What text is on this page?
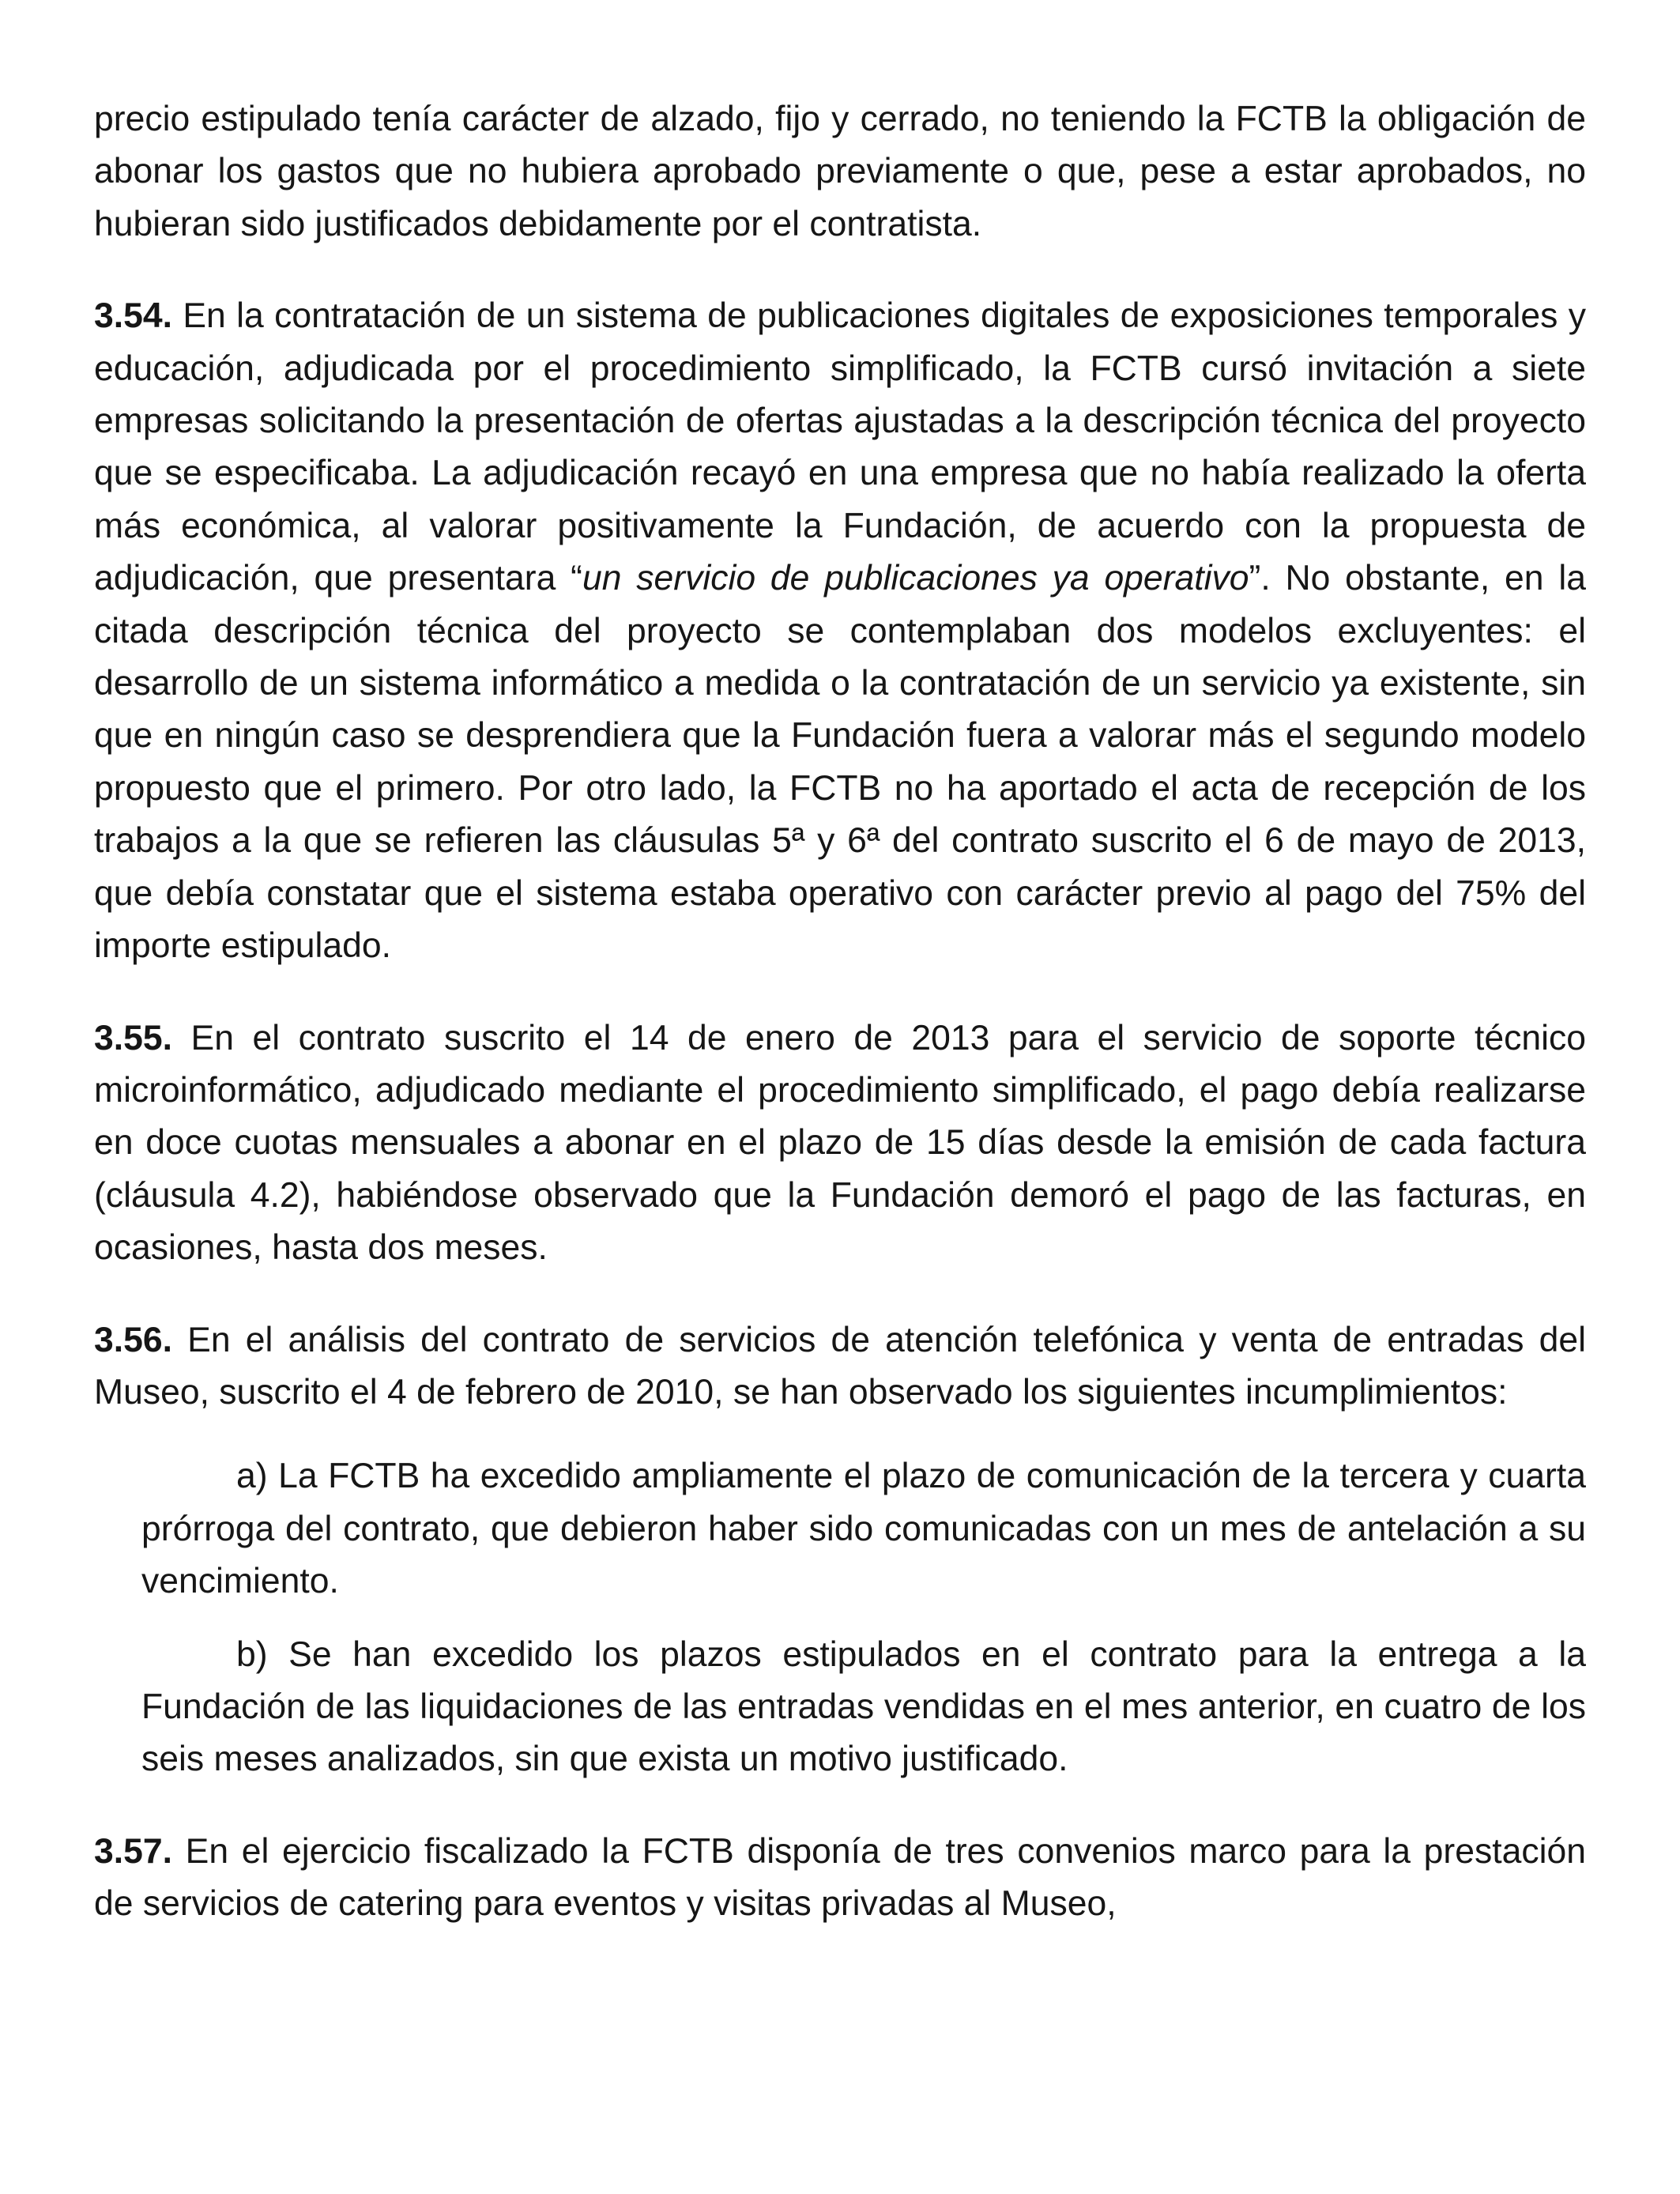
precio estipulado tenía carácter de alzado, fijo y cerrado, no teniendo la FCTB la obligación de abonar los gastos que no hubiera aprobado previamente o que, pese a estar aprobados, no hubieran sido justificados debidamente por el contratista.

3.54. En la contratación de un sistema de publicaciones digitales de exposiciones temporales y educación, adjudicada por el procedimiento simplificado, la FCTB cursó invitación a siete empresas solicitando la presentación de ofertas ajustadas a la descripción técnica del proyecto que se especificaba. La adjudicación recayó en una empresa que no había realizado la oferta más económica, al valorar positivamente la Fundación, de acuerdo con la propuesta de adjudicación, que presentara “un servicio de publicaciones ya operativo”. No obstante, en la citada descripción técnica del proyecto se contemplaban dos modelos excluyentes: el desarrollo de un sistema informático a medida o la contratación de un servicio ya existente, sin que en ningún caso se desprendiera que la Fundación fuera a valorar más el segundo modelo propuesto que el primero. Por otro lado, la FCTB no ha aportado el acta de recepción de los trabajos a la que se refieren las cláusulas 5ª y 6ª del contrato suscrito el 6 de mayo de 2013, que debía constatar que el sistema estaba operativo con carácter previo al pago del 75% del importe estipulado.

3.55. En el contrato suscrito el 14 de enero de 2013 para el servicio de soporte técnico microinformático, adjudicado mediante el procedimiento simplificado, el pago debía realizarse en doce cuotas mensuales a abonar en el plazo de 15 días desde la emisión de cada factura (cláusula 4.2), habiéndose observado que la Fundación demoró el pago de las facturas, en ocasiones, hasta dos meses.

3.56. En el análisis del contrato de servicios de atención telefónica y venta de entradas del Museo, suscrito el 4 de febrero de 2010, se han observado los siguientes incumplimientos:

a) La FCTB ha excedido ampliamente el plazo de comunicación de la tercera y cuarta prórroga del contrato, que debieron haber sido comunicadas con un mes de antelación a su vencimiento.

b) Se han excedido los plazos estipulados en el contrato para la entrega a la Fundación de las liquidaciones de las entradas vendidas en el mes anterior, en cuatro de los seis meses analizados, sin que exista un motivo justificado.

3.57. En el ejercicio fiscalizado la FCTB disponía de tres convenios marco para la prestación de servicios de catering para eventos y visitas privadas al Museo,
